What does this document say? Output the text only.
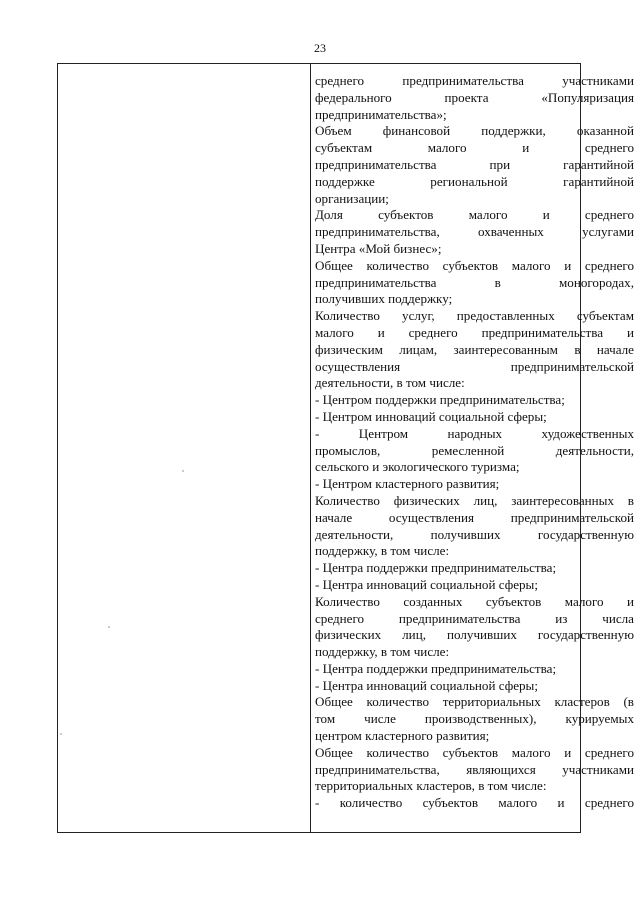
23
среднего предпринимательства участниками
федерального проекта «Популяризация
предпринимательства»;
Объем финансовой поддержки, оказанной
субъектам малого и среднего
предпринимательства при гарантийной
поддержке региональной гарантийной
организации;
Доля субъектов малого и среднего
предпринимательства, охваченных услугами
Центра «Мой бизнес»;
Общее количество субъектов малого и среднего
предпринимательства в моногородах,
получивших поддержку;
Количество услуг, предоставленных субъектам
малого и среднего предпринимательства и
физическим лицам, заинтересованным в начале
осуществления предпринимательской
деятельности, в том числе:
- Центром поддержки предпринимательства;
- Центром инноваций социальной сферы;
- Центром народных художественных
промыслов, ремесленной деятельности,
сельского и экологического туризма;
- Центром кластерного развития;
Количество физических лиц, заинтересованных в
начале осуществления предпринимательской
деятельности, получивших государственную
поддержку, в том числе:
- Центра поддержки предпринимательства;
- Центра инноваций социальной сферы;
Количество созданных субъектов малого и
среднего предпринимательства из числа
физических лиц, получивших государственную
поддержку, в том числе:
- Центра поддержки предпринимательства;
- Центра инноваций социальной сферы;
Общее количество территориальных кластеров (в
том числе производственных), курируемых
центром кластерного развития;
Общее количество субъектов малого и среднего
предпринимательства, являющихся участниками
территориальных кластеров, в том числе:
- количество субъектов малого и среднего
